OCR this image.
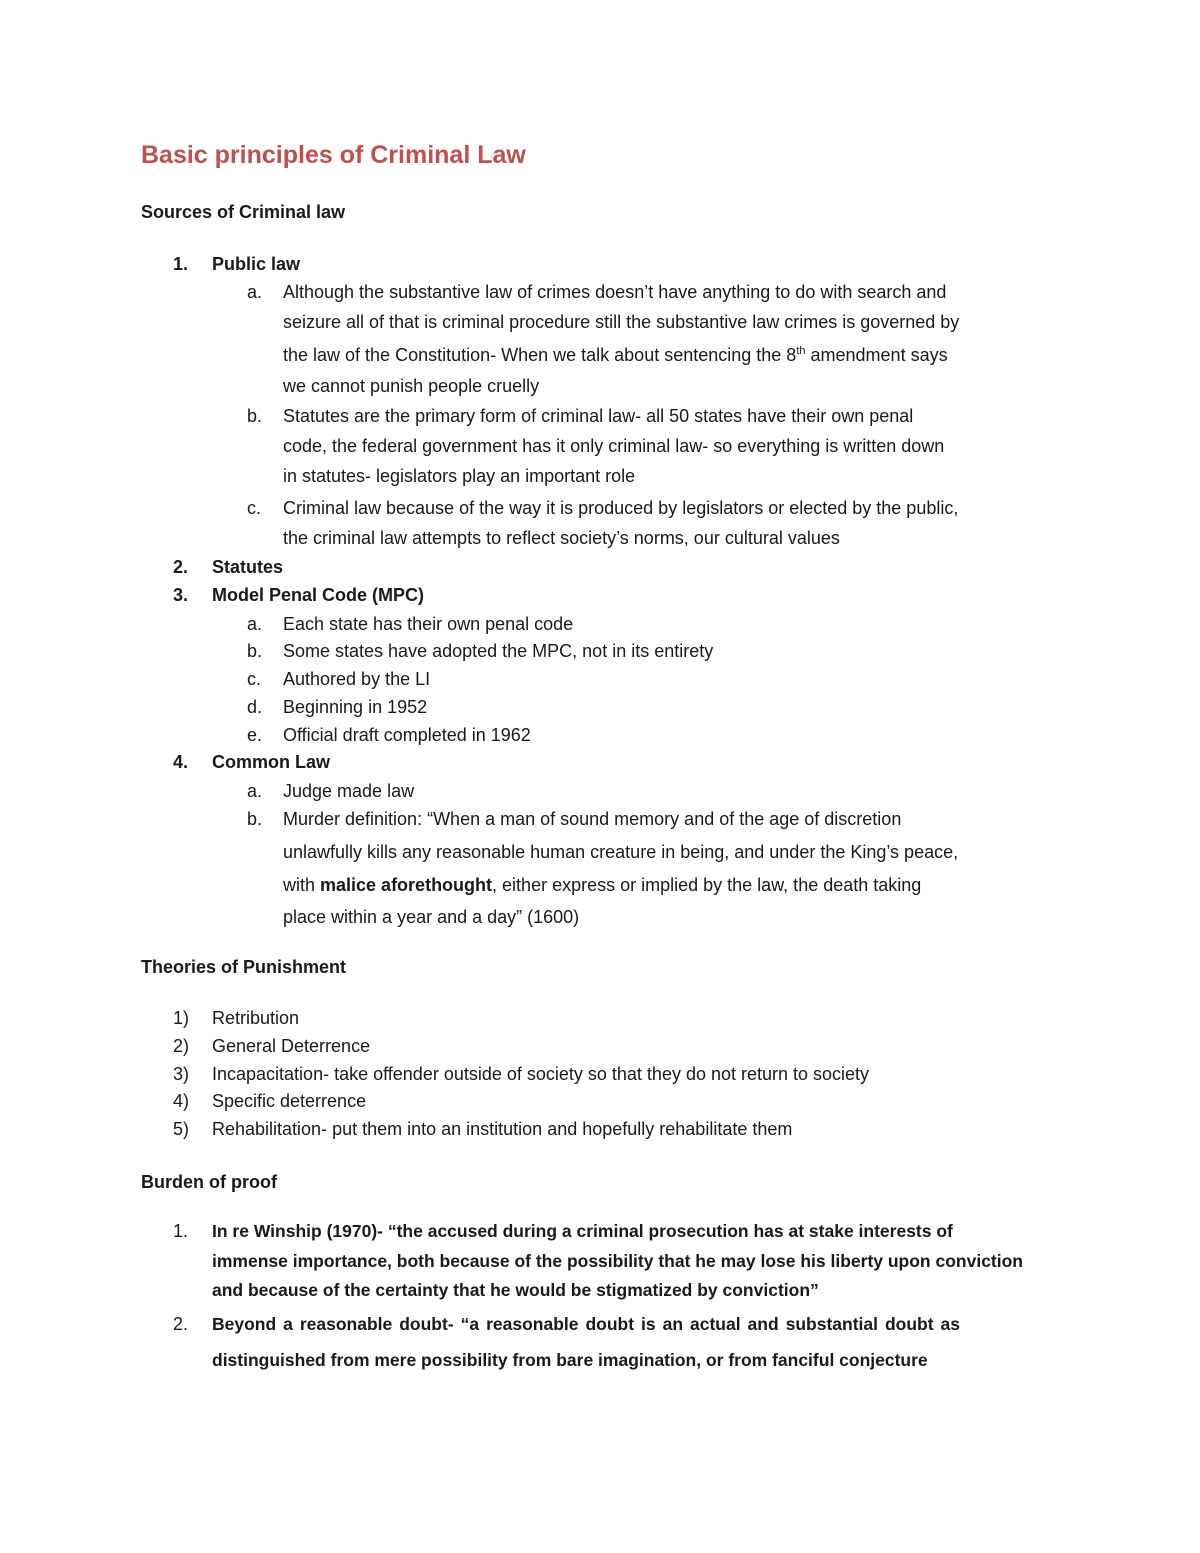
Basic principles of Criminal Law
Sources of Criminal law
1. Public law
a. Although the substantive law of crimes doesn’t have anything to do with search and
seizure all of that is criminal procedure still the substantive law crimes is governed by
the law of the Constitution- When we talk about sentencing the 8th amendment says
we cannot punish people cruelly
b. Statutes are the primary form of criminal law- all 50 states have their own penal
code, the federal government has it only criminal law- so everything is written down
in statutes- legislators play an important role
c. Criminal law because of the way it is produced by legislators or elected by the public,
the criminal law attempts to reflect society’s norms, our cultural values
2. Statutes
3. Model Penal Code (MPC)
a. Each state has their own penal code
b. Some states have adopted the MPC, not in its entirety
c. Authored by the LI
d. Beginning in 1952
e. Official draft completed in 1962
4. Common Law
a. Judge made law
b. Murder definition: “When a man of sound memory and of the age of discretion
unlawfully kills any reasonable human creature in being, and under the King’s peace,
with malice aforethought, either express or implied by the law, the death taking
place within a year and a day” (1600)
Theories of Punishment
1) Retribution
2) General Deterrence
3) Incapacitation- take offender outside of society so that they do not return to society
4) Specific deterrence
5) Rehabilitation- put them into an institution and hopefully rehabilitate them
Burden of proof
1. In re Winship (1970)- “the accused during a criminal prosecution has at stake interests of
immense importance, both because of the possibility that he may lose his liberty upon conviction
and because of the certainty that he would be stigmatized by conviction”
2. Beyond a reasonable doubt- “a reasonable doubt is an actual and substantial doubt as
distinguished from mere possibility from bare imagination, or from fanciful conjecture
